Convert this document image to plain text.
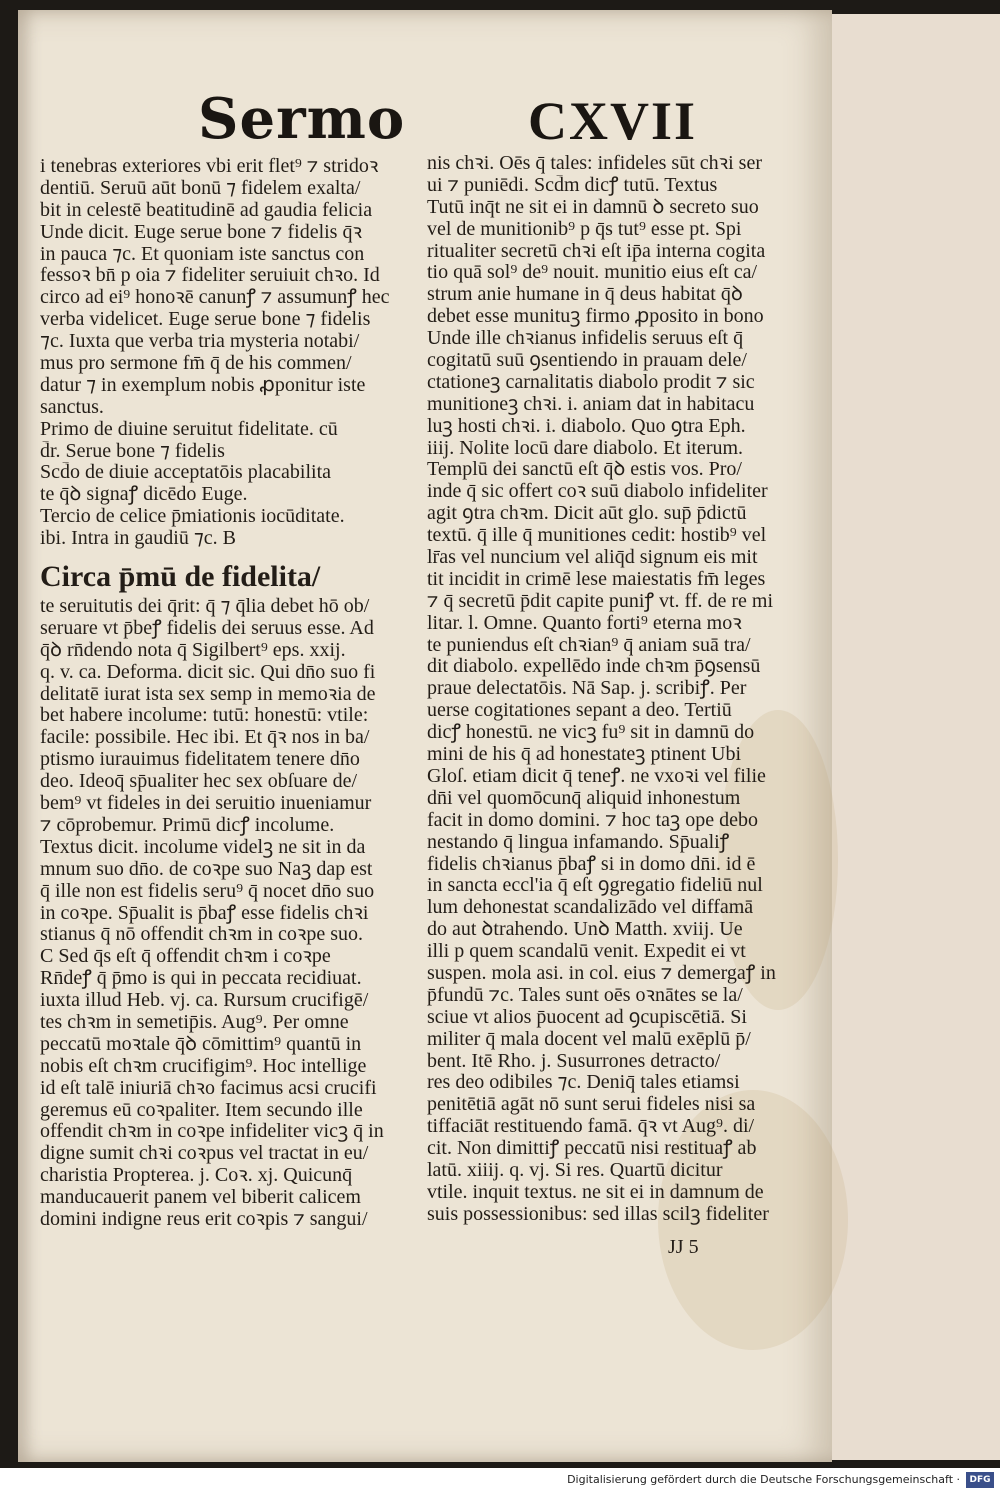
Sermo CXVII
i tenebras exteriores vbi erit flet⁹ ⁊ stridoꝛ
dentiū. Seruū aūt bonū ⁊ fidelem exalta/
bit in celestē beatitudinē ad gaudia felicia
Unde dicit. Euge serue bone ⁊ fidelis q̄ꝛ
in pauca ⁊c. Et quoniam iste sanctus con
fessoꝛ bn̄ p oia ⁊ fideliter seruiuit chꝛo. Id
circo ad ei⁹ honoꝛē canunꝭ ⁊ assumunꝭ hec
verba videlicet. Euge serue bone ⁊ fidelis
⁊c. Iuxta que verba tria mysteria notabi/
mus pro sermone fm̄ q̄ de his commen/
datur ⁊ in exemplum nobis ꝓponitur iste
sanctus.
Primo de diuine seruitut fidelitate. cū
d̄r. Serue bone ⁊ fidelis
Scd̄o de diuie acceptatōis placabilita
te q̄ꝺ signaꝭ dicēdo Euge.
Tercio de celice p̄miationis iocūditate.
ibi. Intra in gaudiū ⁊c. B
Circa p̄mū de fidelita/
te seruitutis dei q̄rit: q̄ ⁊ q̄lia debet hō ob/
seruare vt p̄beꝭ fidelis dei seruus esse. Ad
q̄ꝺ rn̄dendo nota q̄ Sigilbert⁹ eps. xxij.
q. v. ca. Deforma. dicit sic. Qui dn̄o suo fi
delitatē iurat ista sex semp in memoꝛia de
bet habere incolume: tutū: honestū: vtile:
facile: possibile. Hec ibi. Et q̄ꝛ nos in ba/
ptismo iurauimus fidelitatem tenere dn̄o
deo. Ideoq̄ sp̄ualiter hec sex obſuare de/
bem⁹ vt fideles in dei seruitio inueniamur
⁊ cōprobemur. Primū dicꝭ incolume.
Textus dicit. incolume videlꝫ ne sit in da
mnum suo dn̄o. de coꝛpe suo Naꝫ dap est
q̄ ille non est fidelis seru⁹ q̄ nocet dn̄o suo
in coꝛpe. Sp̄ualit is p̄baꝭ esse fidelis chꝛi
stianus q̄ nō offendit chꝛm in coꝛpe suo.
C Sed q̄s eſt q̄ offendit chꝛm i coꝛpe
Rn̄deꝭ q̄ p̄mo is qui in peccata recidiuat.
iuxta illud Heb. vj. ca. Rursum crucifigē/
tes chꝛm in semetip̄is. Aug⁹. Per omne
peccatū moꝛtale q̄ꝺ cōmittim⁹ quantū in
nobis eſt chꝛm crucifigim⁹. Hoc intellige
id eſt talē iniuriā chꝛo facimus acsi crucifi
geremus eū coꝛpaliter. Item secundo ille
offendit chꝛm in coꝛpe infideliter vicꝫ q̄ in
digne sumit chꝛi coꝛpus vel tractat in eu/
charistia Propterea. j. Coꝛ. xj. Quicunq̄
manducauerit panem vel biberit calicem
domini indigne reus erit coꝛpis ⁊ sangui/
nis chꝛi. Oēs q̄ tales: infideles sūt chꝛi ser
ui ⁊ puniēdi. Scd̄m dicꝭ tutū. Textus
Tutū inq̄t ne sit ei in damnū ꝺ secreto suo
vel de munitionib⁹ p q̄s tut⁹ esse pt. Spi
ritualiter secretū chꝛi eſt ip̄a interna cogita
tio quā sol⁹ de⁹ nouit. munitio eius eſt ca/
strum anie humane in q̄ deus habitat q̄ꝺ
debet esse munituꝫ firmo ꝓposito in bono
Unde ille chꝛianus infidelis seruus eſt q̄
cogitatū suū ꝯsentiendo in prauam dele/
ctationeꝫ carnalitatis diabolo prodit ⁊ sic
munitioneꝫ chꝛi. i. aniam dat in habitacu
luꝫ hosti chꝛi. i. diabolo. Quo ꝯtra Eph.
iiij. Nolite locū dare diabolo. Et iterum.
Templū dei sanctū eſt q̄ꝺ estis vos. Pro/
inde q̄ sic offert coꝛ suū diabolo infideliter
agit ꝯtra chꝛm. Dicit aūt glo. sup̄ p̄dictū
textū. q̄ ille q̄ munitiones cedit: hostib⁹ vel
lr̄as vel nuncium vel aliq̄d signum eis mit
tit incidit in crimē lese maiestatis fm̄ leges
⁊ q̄ secretū p̄dit capite puniꝭ vt. ff. de re mi
litar. l. Omne. Quanto forti⁹ eterna moꝛ
te puniendus eſt chꝛian⁹ q̄ aniam suā tra/
dit diabolo. expellēdo inde chꝛm p̄ꝯsensū
praue delectatōis. Nā Sap. j. scribiꝭ. Per
uerse cogitationes sepant a deo. Tertiū
dicꝭ honestū. ne vicꝫ fu⁹ sit in damnū do
mini de his q̄ ad honestateꝫ ptinent Ubi
Gloſ. etiam dicit q̄ teneꝭ. ne vxoꝛi vel filie
dn̄i vel quomōcunq̄ aliquid inhonestum
facit in domo domini. ⁊ hoc taꝫ ope debo
nestando q̄ lingua infamando. Sp̄ualiꝭ
fidelis chꝛianus p̄baꝭ si in domo dn̄i. id ē
in sancta eccl'ia q̄ eſt ꝯgregatio fideliū nul
lum dehonestat scandalizādo vel diffamā
do aut ꝺtrahendo. Unꝺ Matth. xviij. Ue
illi p quem scandalū venit. Expedit ei vt
suspen. mola asi. in col. eius ⁊ demergaꝭ in
p̄fundū ⁊c. Tales sunt oēs oꝛnātes se la/
sciue vt alios p̄uocent ad ꝯcupiscētiā. Si
militer q̄ mala docent vel malū exēplū p̄/
bent. Itē Rho. j. Susurrones detracto/
res deo odibiles ⁊c. Deniq̄ tales etiamsi
penitētiā agāt nō sunt serui fideles nisi sa
tiffaciāt restituendo famā. q̄ꝛ vt Aug⁹. di/
cit. Non dimittiꝭ peccatū nisi restituaꝭ ab
latū. xiiij. q. vj. Si res. Quartū dicitur
vtile. inquit textus. ne sit ei in damnum de
suis possessionibus: sed illas scilꝫ fideliter
JJ 5
Digitalisierung gefördert durch die Deutsche Forschungsgemeinschaft ·	DFG
